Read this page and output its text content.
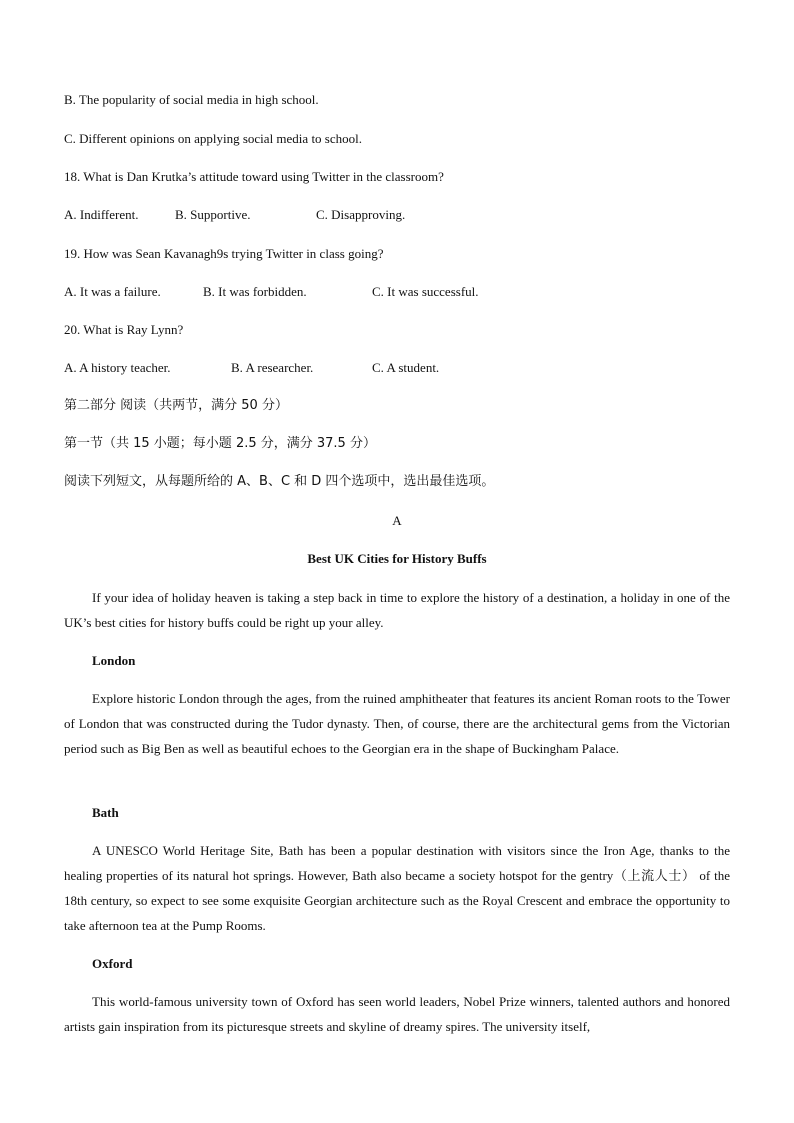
B. The popularity of social media in high school.

C. Different opinions on applying social media to school.

18. What is Dan Krutka’s attitude toward using Twitter in the classroom?

A. Indifferent.	B. Supportive.	C. Disapproving.

19. How was Sean Kavanagh9s trying Twitter in class going?

A. It was a failure.	B. It was forbidden.	C. It was successful.

20. What is Ray Lynn?

A. A history teacher.	B. A researcher.	C. A student.

第二部分 阅读（共两节，满分 50 分）

第一节（共 15 小题；每小题 2.5 分，满分 37.5 分）

阅读下列短文，从每题所给的 A、B、C 和 D 四个选项中，选出最佳选项。

A
Best UK Cities for History Buffs

If your idea of holiday heaven is taking a step back in time to explore the history of a destination, a holiday in one of the UK’s best cities for history buffs could be right up your alley.

London

Explore historic London through the ages, from the ruined amphitheater that features its ancient Roman roots to the Tower of London that was constructed during the Tudor dynasty. Then, of course, there are the architectural gems from the Victorian period such as Big Ben as well as beautiful echoes to the Georgian era in the shape of Buckingham Palace.

Bath

A UNESCO World Heritage Site, Bath has been a popular destination with visitors since the Iron Age, thanks to the healing properties of its natural hot springs. However, Bath also became a society hotspot for the gentry（上流人士） of the 18th century, so expect to see some exquisite Georgian architecture such as the Royal Crescent and embrace the opportunity to take afternoon tea at the Pump Rooms.

Oxford

This world-famous university town of Oxford has seen world leaders, Nobel Prize winners, talented authors and honored artists gain inspiration from its picturesque streets and skyline of dreamy spires. The university itself,
